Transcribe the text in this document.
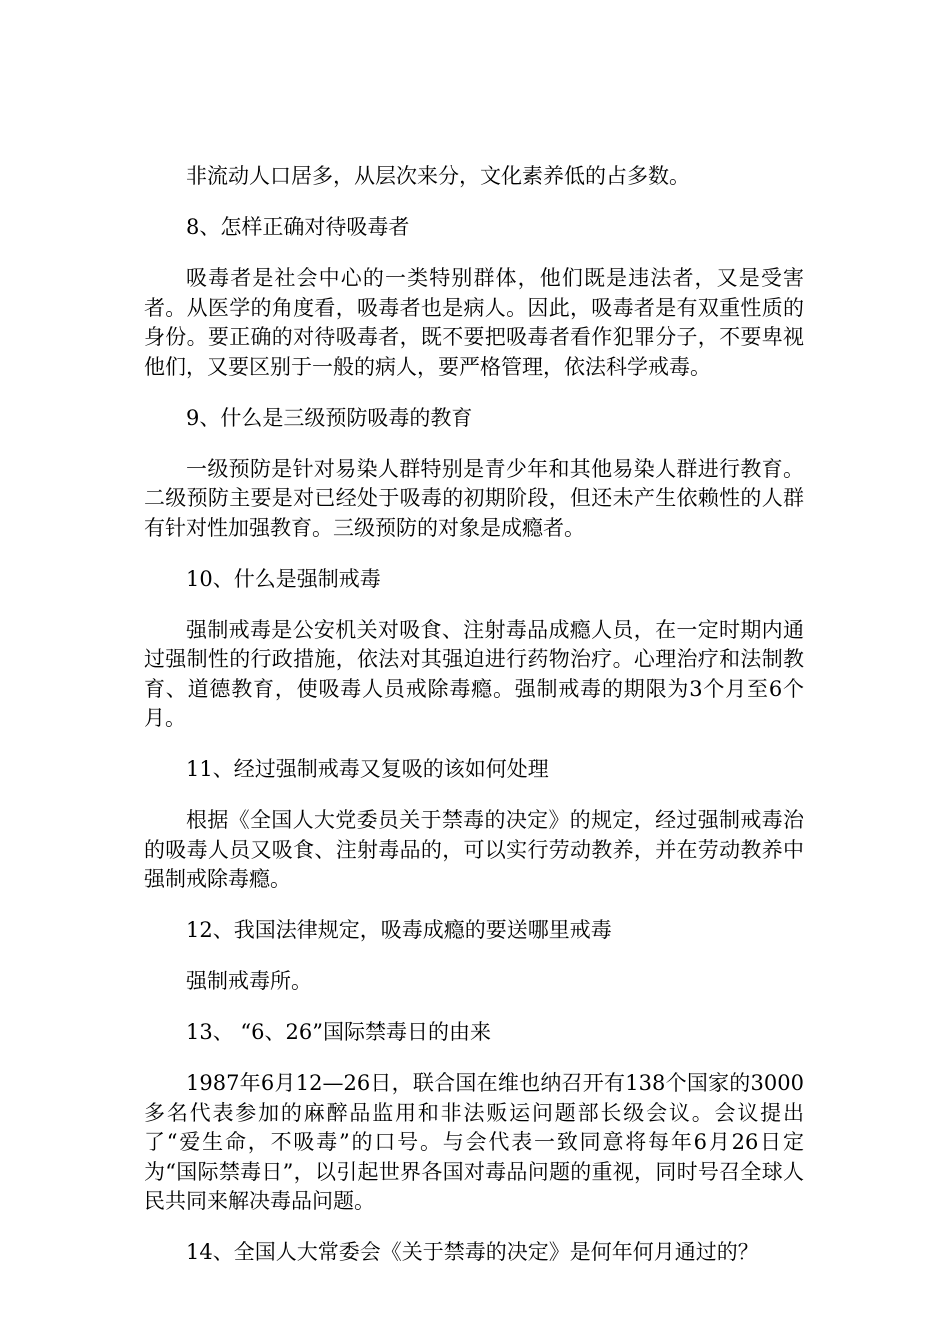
非流动人口居多，从层次来分，文化素养低的占多数。

8、怎样正确对待吸毒者

吸毒者是社会中心的一类特别群体，他们既是违法者，又是受害者。从医学的角度看，吸毒者也是病人。因此，吸毒者是有双重性质的身份。要正确的对待吸毒者，既不要把吸毒者看作犯罪分子，不要卑视他们，又要区别于一般的病人，要严格管理，依法科学戒毒。

9、什么是三级预防吸毒的教育

一级预防是针对易染人群特别是青少年和其他易染人群进行教育。二级预防主要是对已经处于吸毒的初期阶段，但还未产生依赖性的人群有针对性加强教育。三级预防的对象是成瘾者。

10、什么是强制戒毒

强制戒毒是公安机关对吸食、注射毒品成瘾人员，在一定时期内通过强制性的行政措施，依法对其强迫进行药物治疗。心理治疗和法制教育、道德教育，使吸毒人员戒除毒瘾。强制戒毒的期限为3个月至6个月。

11、经过强制戒毒又复吸的该如何处理

根据《全国人大党委员关于禁毒的决定》的规定，经过强制戒毒治的吸毒人员又吸食、注射毒品的，可以实行劳动教养，并在劳动教养中强制戒除毒瘾。

12、我国法律规定，吸毒成瘾的要送哪里戒毒

强制戒毒所。

13、 “6、26”国际禁毒日的由来

1987年6月12—26日，联合国在维也纳召开有138个国家的3000多名代表参加的麻醉品监用和非法贩运问题部长级会议。会议提出了“爱生命，不吸毒”的口号。与会代表一致同意将每年6月26日定为“国际禁毒日”，以引起世界各国对毒品问题的重视，同时号召全球人民共同来解决毒品问题。

14、全国人大常委会《关于禁毒的决定》是何年何月通过的？
